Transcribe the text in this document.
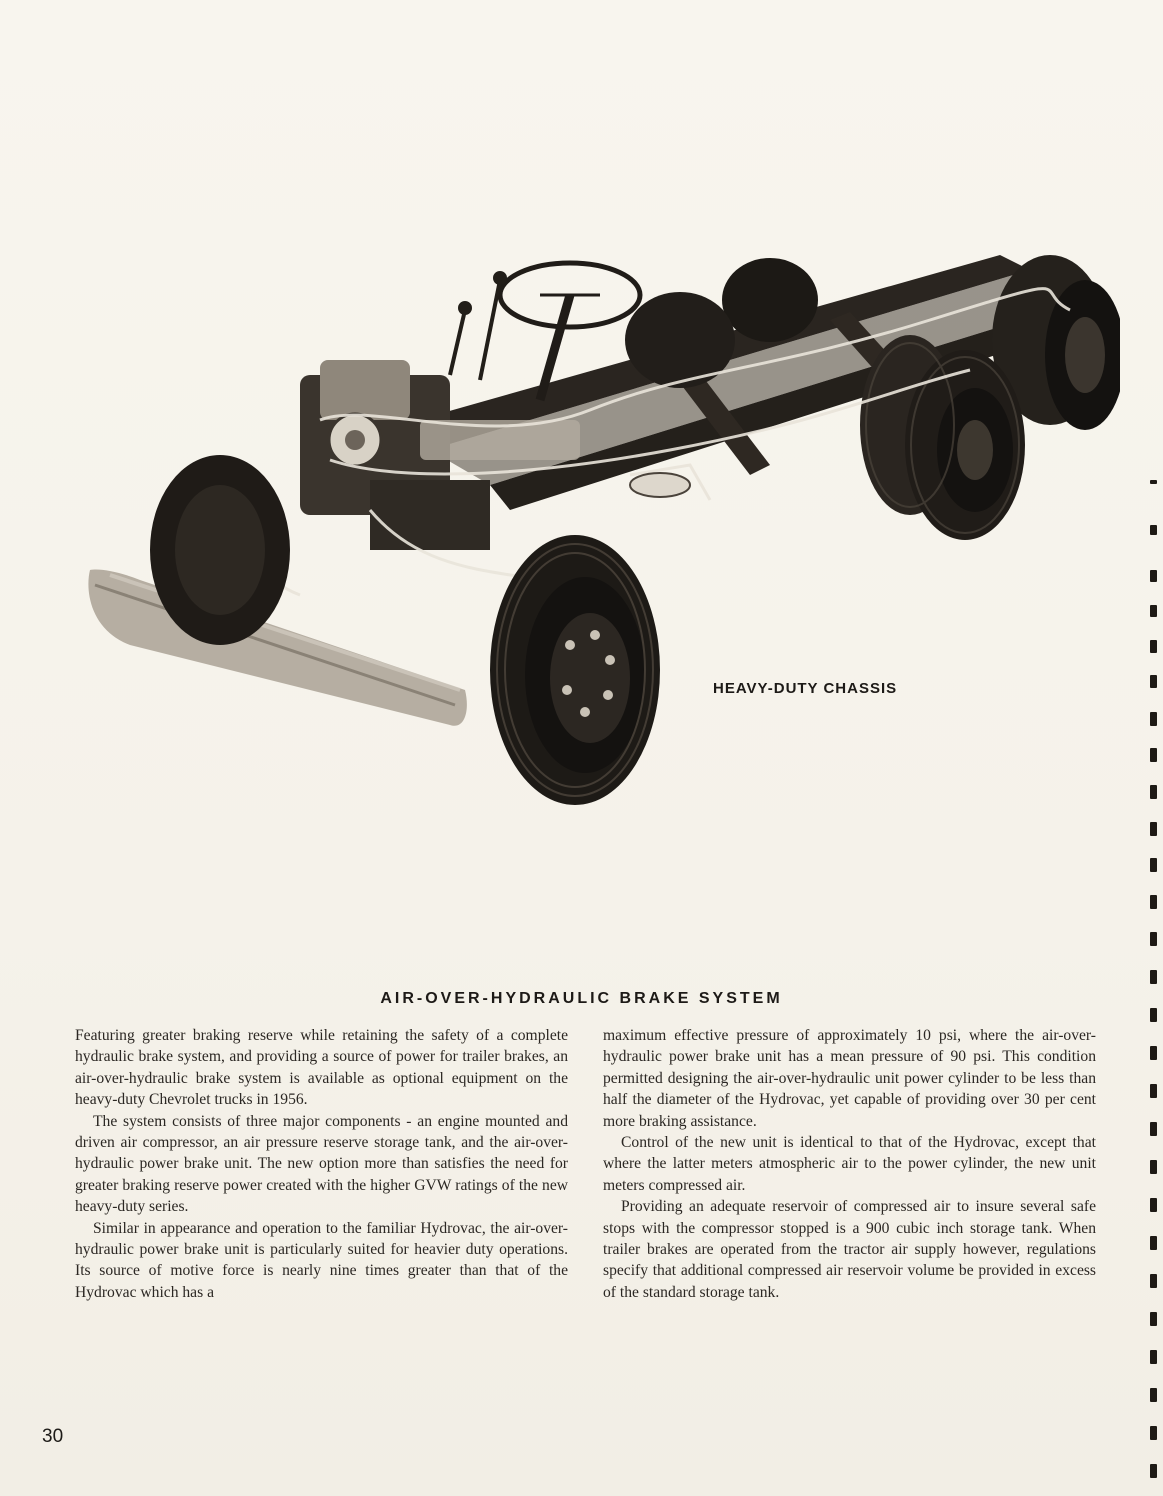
HEAVY-DUTY CHASSIS
AIR-OVER-HYDRAULIC BRAKE SYSTEM

Featuring greater braking reserve while retaining the safety of a complete hydraulic brake system, and providing a source of power for trailer brakes, an air-over-hydraulic brake system is available as optional equipment on the heavy-duty Chevrolet trucks in 1956.

The system consists of three major components - an engine mounted and driven air compressor, an air pressure reserve storage tank, and the air-over-hydraulic power brake unit. The new option more than satisfies the need for greater braking reserve power created with the higher GVW ratings of the new heavy-duty series.

Similar in appearance and operation to the familiar Hydrovac, the air-over-hydraulic power brake unit is particularly suited for heavier duty operations. Its source of motive force is nearly nine times greater than that of the Hydrovac which has a

maximum effective pressure of approximately 10 psi, where the air-over-hydraulic power brake unit has a mean pressure of 90 psi. This condition permitted designing the air-over-hydraulic unit power cylinder to be less than half the diameter of the Hydrovac, yet capable of providing over 30 per cent more braking assistance.

Control of the new unit is identical to that of the Hydrovac, except that where the latter meters atmospheric air to the power cylinder, the new unit meters compressed air.

Providing an adequate reservoir of compressed air to insure several safe stops with the compressor stopped is a 900 cubic inch storage tank. When trailer brakes are operated from the tractor air supply however, regulations specify that additional compressed air reservoir volume be provided in excess of the standard storage tank.

30
